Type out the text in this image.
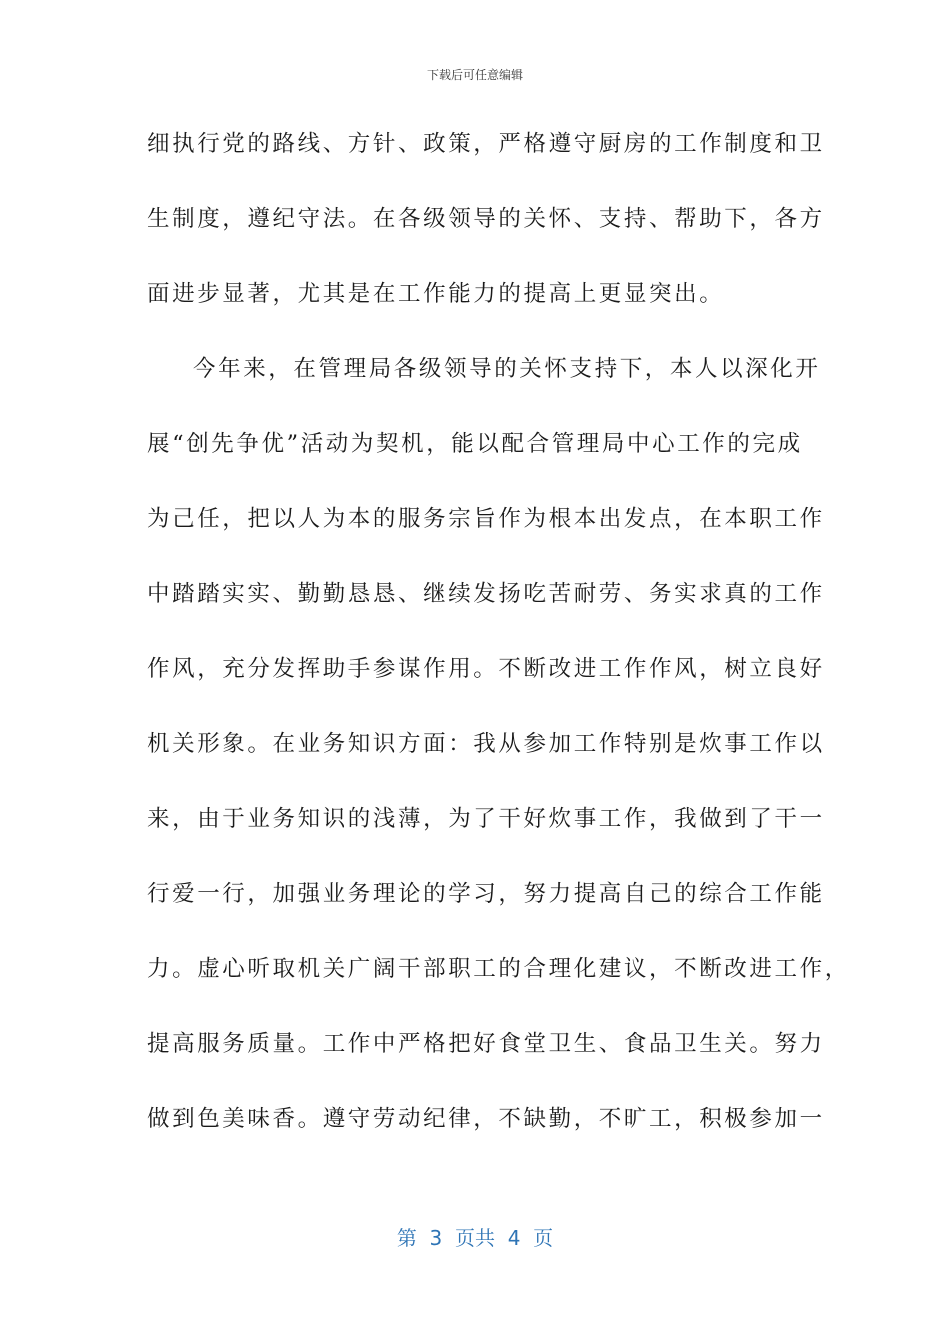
下载后可任意编辑
细执行党的路线、方针、政策，严格遵守厨房的工作制度和卫
生制度，遵纪守法。在各级领导的关怀、支持、帮助下，各方
面进步显著，尤其是在工作能力的提高上更显突出。
今年来，在管理局各级领导的关怀支持下，本人以深化开
展“创先争优”活动为契机，能以配合管理局中心工作的完成
为己任，把以人为本的服务宗旨作为根本出发点，在本职工作
中踏踏实实、勤勤恳恳、继续发扬吃苦耐劳、务实求真的工作
作风，充分发挥助手参谋作用。不断改进工作作风，树立良好
机关形象。在业务知识方面：我从参加工作特别是炊事工作以
来，由于业务知识的浅薄，为了干好炊事工作，我做到了干一
行爱一行，加强业务理论的学习，努力提高自己的综合工作能
力。虚心听取机关广阔干部职工的合理化建议，不断改进工作，
提高服务质量。工作中严格把好食堂卫生、食品卫生关。努力
做到色美味香。遵守劳动纪律，不缺勤，不旷工，积极参加一
第  3  页共  4  页
